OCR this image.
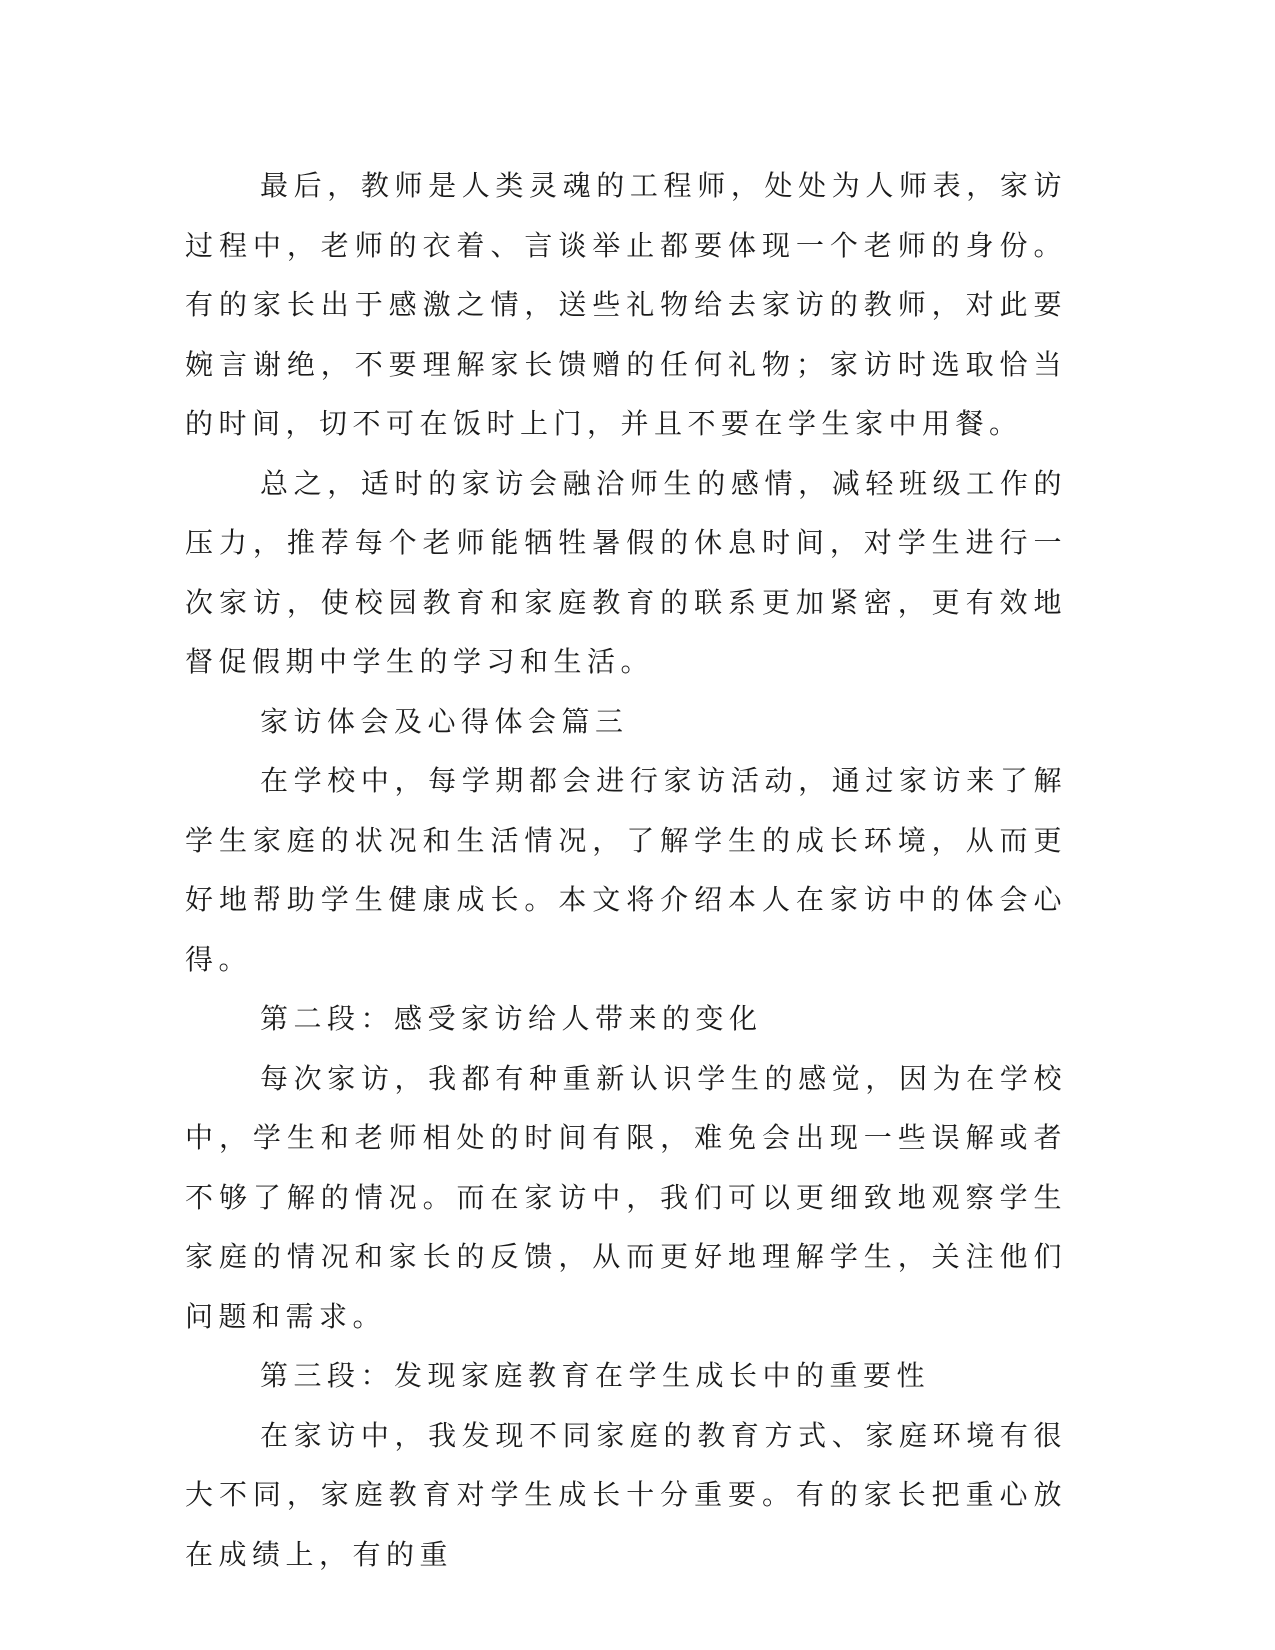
最后，教师是人类灵魂的工程师，处处为人师表，家访过程中，老师的衣着、言谈举止都要体现一个老师的身份。有的家长出于感激之情，送些礼物给去家访的教师，对此要婉言谢绝，不要理解家长馈赠的任何礼物；家访时选取恰当的时间，切不可在饭时上门，并且不要在学生家中用餐。

总之，适时的家访会融洽师生的感情，减轻班级工作的压力，推荐每个老师能牺牲暑假的休息时间，对学生进行一次家访，使校园教育和家庭教育的联系更加紧密，更有效地督促假期中学生的学习和生活。

家访体会及心得体会篇三

在学校中，每学期都会进行家访活动，通过家访来了解学生家庭的状况和生活情况，了解学生的成长环境，从而更好地帮助学生健康成长。本文将介绍本人在家访中的体会心得。

第二段：感受家访给人带来的变化

每次家访，我都有种重新认识学生的感觉，因为在学校中，学生和老师相处的时间有限，难免会出现一些误解或者不够了解的情况。而在家访中，我们可以更细致地观察学生家庭的情况和家长的反馈，从而更好地理解学生，关注他们问题和需求。

第三段：发现家庭教育在学生成长中的重要性

在家访中，我发现不同家庭的教育方式、家庭环境有很大不同，家庭教育对学生成长十分重要。有的家长把重心放在成绩上，有的重
